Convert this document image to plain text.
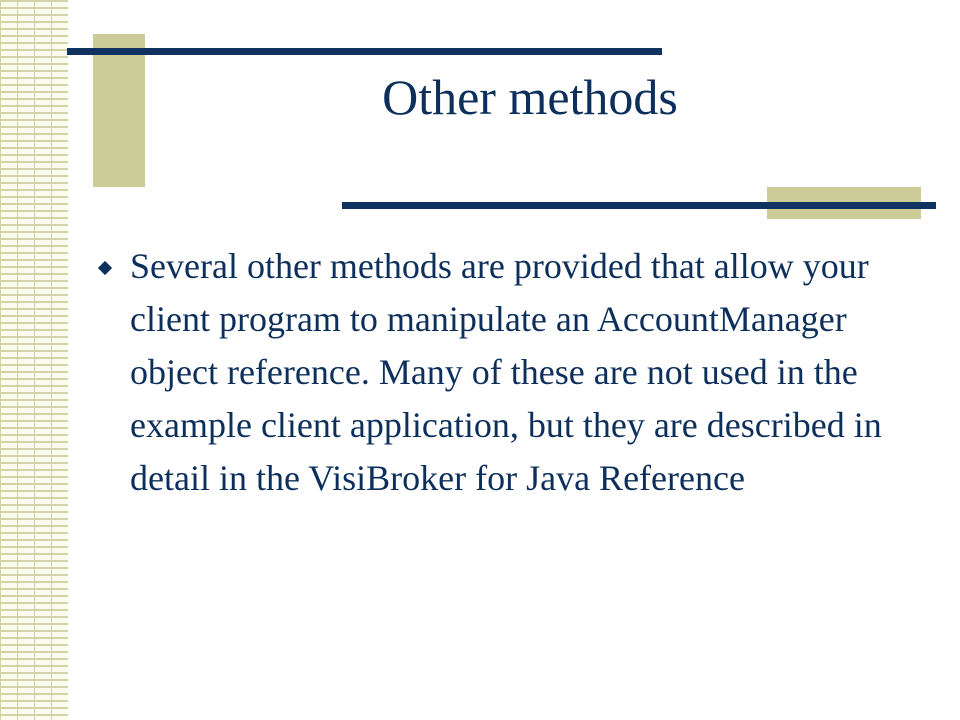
Other methods
Several other methods are provided that allow your client program to manipulate an AccountManager object reference. Many of these are not used in the example client application, but they are described in detail in the VisiBroker for Java Reference
